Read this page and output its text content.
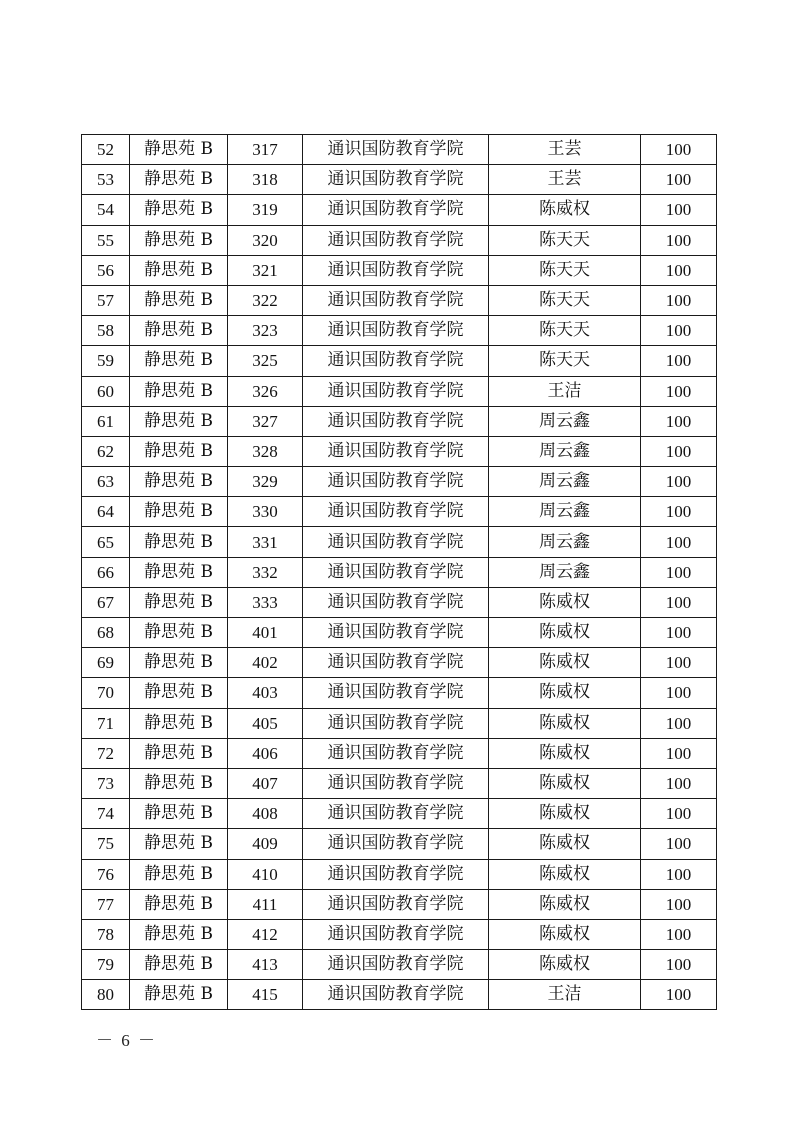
52	静思苑 B	317	通识国防教育学院	王芸	100
53	静思苑 B	318	通识国防教育学院	王芸	100
54	静思苑 B	319	通识国防教育学院	陈威权	100
55	静思苑 B	320	通识国防教育学院	陈天天	100
56	静思苑 B	321	通识国防教育学院	陈天天	100
57	静思苑 B	322	通识国防教育学院	陈天天	100
58	静思苑 B	323	通识国防教育学院	陈天天	100
59	静思苑 B	325	通识国防教育学院	陈天天	100
60	静思苑 B	326	通识国防教育学院	王洁	100
61	静思苑 B	327	通识国防教育学院	周云鑫	100
62	静思苑 B	328	通识国防教育学院	周云鑫	100
63	静思苑 B	329	通识国防教育学院	周云鑫	100
64	静思苑 B	330	通识国防教育学院	周云鑫	100
65	静思苑 B	331	通识国防教育学院	周云鑫	100
66	静思苑 B	332	通识国防教育学院	周云鑫	100
67	静思苑 B	333	通识国防教育学院	陈威权	100
68	静思苑 B	401	通识国防教育学院	陈威权	100
69	静思苑 B	402	通识国防教育学院	陈威权	100
70	静思苑 B	403	通识国防教育学院	陈威权	100
71	静思苑 B	405	通识国防教育学院	陈威权	100
72	静思苑 B	406	通识国防教育学院	陈威权	100
73	静思苑 B	407	通识国防教育学院	陈威权	100
74	静思苑 B	408	通识国防教育学院	陈威权	100
75	静思苑 B	409	通识国防教育学院	陈威权	100
76	静思苑 B	410	通识国防教育学院	陈威权	100
77	静思苑 B	411	通识国防教育学院	陈威权	100
78	静思苑 B	412	通识国防教育学院	陈威权	100
79	静思苑 B	413	通识国防教育学院	陈威权	100
80	静思苑 B	415	通识国防教育学院	王洁	100
－ 6 －
